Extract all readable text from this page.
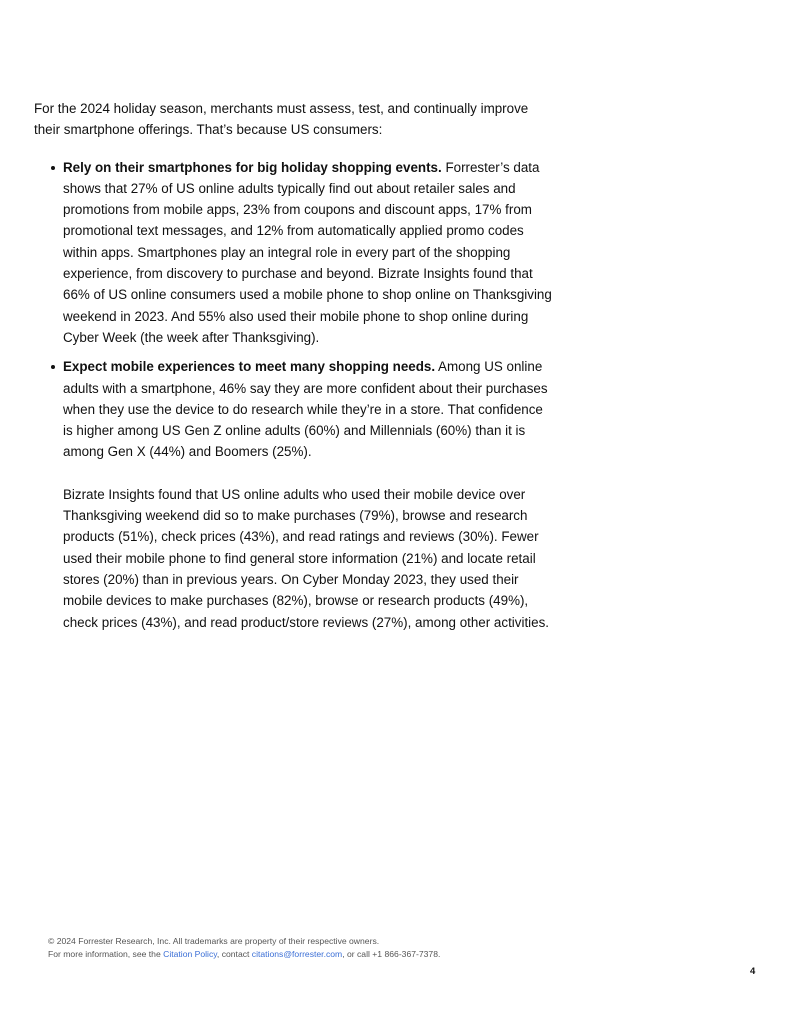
For the 2024 holiday season, merchants must assess, test, and continually improve their smartphone offerings. That’s because US consumers:

Rely on their smartphones for big holiday shopping events. Forrester’s data shows that 27% of US online adults typically find out about retailer sales and promotions from mobile apps, 23% from coupons and discount apps, 17% from promotional text messages, and 12% from automatically applied promo codes within apps. Smartphones play an integral role in every part of the shopping experience, from discovery to purchase and beyond. Bizrate Insights found that 66% of US online consumers used a mobile phone to shop online on Thanksgiving weekend in 2023. And 55% also used their mobile phone to shop online during Cyber Week (the week after Thanksgiving).

Expect mobile experiences to meet many shopping needs. Among US online adults with a smartphone, 46% say they are more confident about their purchases when they use the device to do research while they’re in a store. That confidence is higher among US Gen Z online adults (60%) and Millennials (60%) than it is among Gen X (44%) and Boomers (25%).

Bizrate Insights found that US online adults who used their mobile device over Thanksgiving weekend did so to make purchases (79%), browse and research products (51%), check prices (43%), and read ratings and reviews (30%). Fewer used their mobile phone to find general store information (21%) and locate retail stores (20%) than in previous years. On Cyber Monday 2023, they used their mobile devices to make purchases (82%), browse or research products (49%), check prices (43%), and read product/store reviews (27%), among other activities.

© 2024 Forrester Research, Inc. All trademarks are property of their respective owners.

For more information, see the Citation Policy, contact citations@forrester.com, or call +1 866-367-7378.

4
